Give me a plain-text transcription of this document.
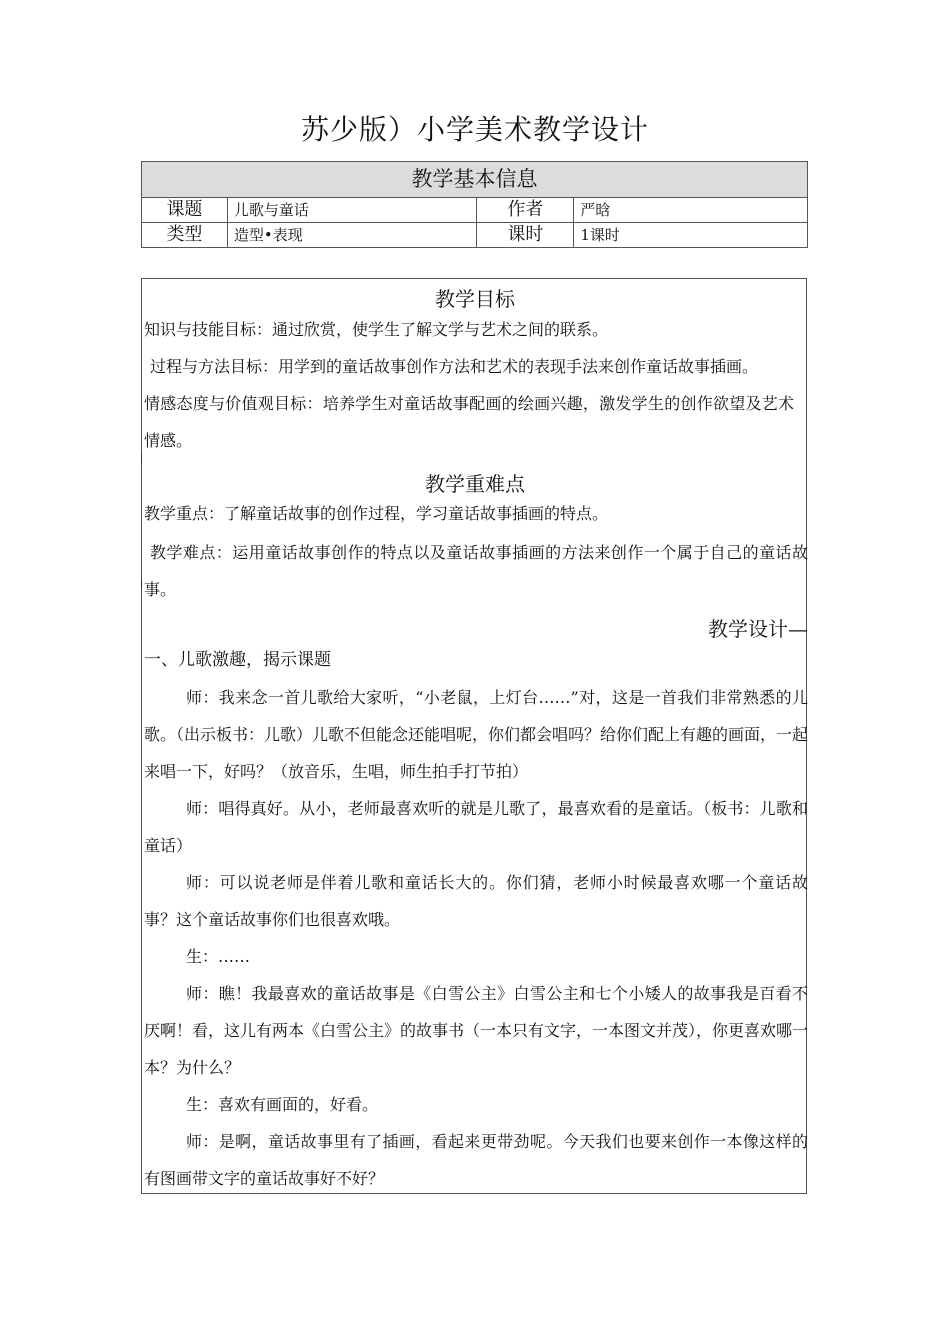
苏少版）小学美术教学设计
教学基本信息			
课题	儿歌与童话	作者	严晗
类型	造型•表现	课时	1课时
教学目标

知识与技能目标：通过欣赏，使学生了解文学与艺术之间的联系。

过程与方法目标：用学到的童话故事创作方法和艺术的表现手法来创作童话故事插画。

情感态度与价值观目标：培养学生对童话故事配画的绘画兴趣，激发学生的创作欲望及艺术情感。

教学重难点

教学重点：了解童话故事的创作过程，学习童话故事插画的特点。

教学难点：运用童话故事创作的特点以及童话故事插画的方法来创作一个属于自己的童话故事。

教学设计—

一、儿歌激趣，揭示课题

师：我来念一首儿歌给大家听，“小老鼠，上灯台……”对，这是一首我们非常熟悉的儿歌。（出示板书：儿歌）儿歌不但能念还能唱呢，你们都会唱吗？给你们配上有趣的画面，一起来唱一下，好吗？（放音乐，生唱，师生拍手打节拍）

师：唱得真好。从小，老师最喜欢听的就是儿歌了，最喜欢看的是童话。（板书：儿歌和童话）

师：可以说老师是伴着儿歌和童话长大的。你们猜，老师小时候最喜欢哪一个童话故事？这个童话故事你们也很喜欢哦。

生：……

师：瞧！我最喜欢的童话故事是《白雪公主》白雪公主和七个小矮人的故事我是百看不厌啊！看，这儿有两本《白雪公主》的故事书（一本只有文字，一本图文并茂），你更喜欢哪一本？为什么？

生：喜欢有画面的，好看。

师：是啊，童话故事里有了插画，看起来更带劲呢。今天我们也要来创作一本像这样的有图画带文字的童话故事好不好？
